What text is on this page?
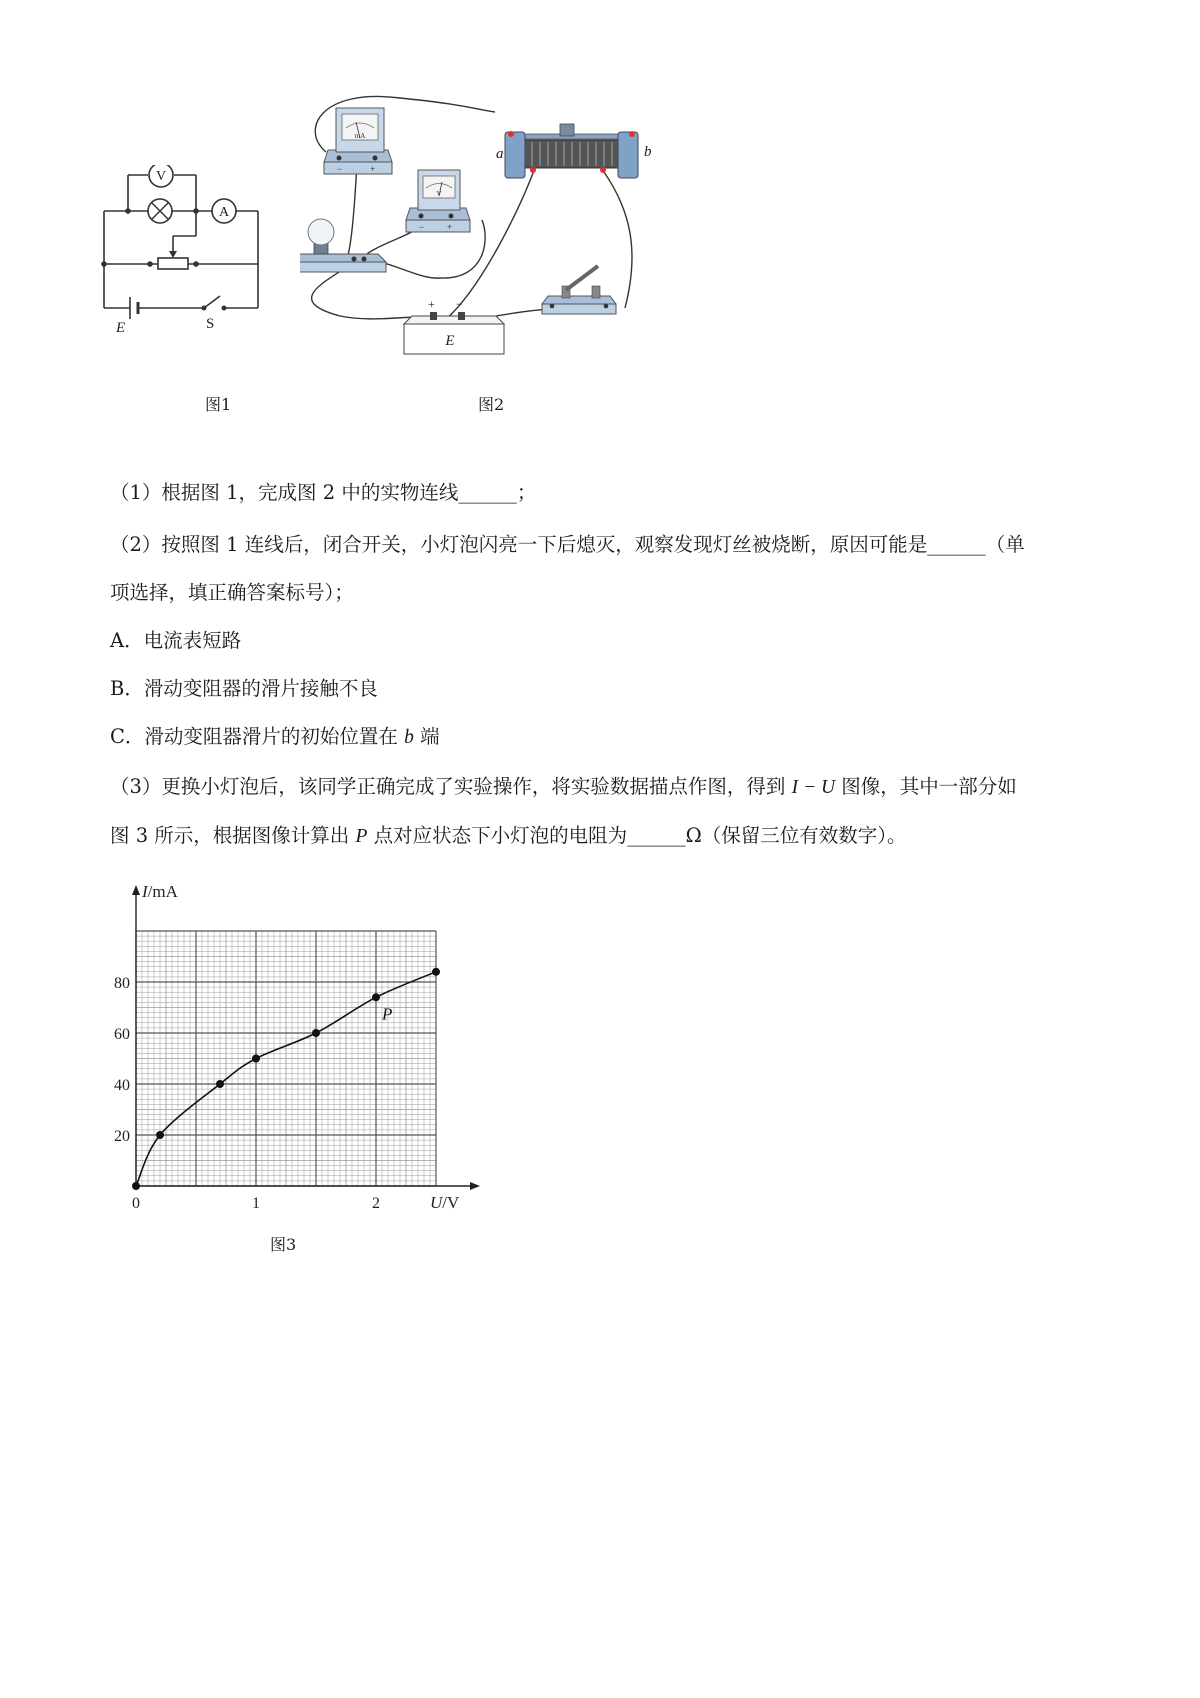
V
A
E	S
图1
mA
−	+
V
−	+
a	b
+ −
E
图2
（1）根据图 1，完成图 2 中的实物连线______；
（2）按照图 1 连线后，闭合开关，小灯泡闪亮一下后熄灭，观察发现灯丝被烧断，原因可能是______（单
项选择，填正确答案标号）；
A．电流表短路
B．滑动变阻器的滑片接触不良
C．滑动变阻器滑片的初始位置在 b 端
（3）更换小灯泡后，该同学正确完成了实验操作，将实验数据描点作图，得到 I − U 图像，其中一部分如
图 3 所示，根据图像计算出 P 点对应状态下小灯泡的电阻为______Ω（保留三位有效数字）。
0	1	2
20
40
60
80
P
I/mA
U/V
图3
